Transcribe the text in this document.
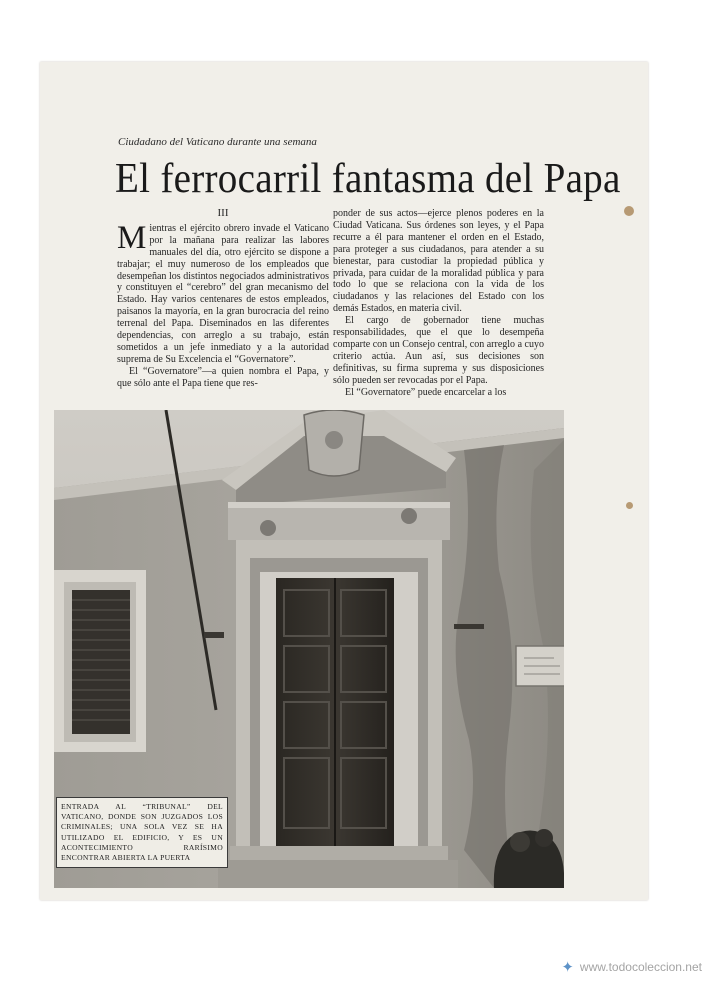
Ciudadano del Vaticano durante una semana
El ferrocarril fantasma del Papa

III

Mientras el ejército obrero invade el Vaticano por la mañana para realizar las labores manuales del día, otro ejército se dispone a trabajar; el muy numeroso de los empleados que desempeñan los distintos negociados administrativos y constituyen el “cerebro” del gran mecanismo del Estado. Hay varios centenares de estos empleados, paisanos la mayoría, en la gran burocracia del reino terrenal del Papa. Diseminados en las diferentes dependencias, con arreglo a su trabajo, están sometidos a un jefe inmediato y a la autoridad suprema de Su Excelencia el “Governatore”.

El “Governatore”—a quien nombra el Papa, y que sólo ante el Papa tiene que res-

ponder de sus actos—ejerce plenos poderes en la Ciudad Vaticana. Sus órdenes son leyes, y el Papa recurre a él para mantener el orden en el Estado, para proteger a sus ciudadanos, para atender a su bienestar, para custodiar la propiedad pública y privada, para cuidar de la moralidad pública y para todo lo que se relaciona con la vida de los ciudadanos y las relaciones del Estado con los demás Estados, en materia civil.

El cargo de gobernador tiene muchas responsabilidades, que el que lo desempeña comparte con un Consejo central, con arreglo a cuyo criterio actúa. Aun así, sus decisiones son definitivas, su firma suprema y sus disposiciones sólo pueden ser revocadas por el Papa.

El “Governatore” puede encarcelar a los

ENTRADA AL “TRIBUNAL” DEL VATICANO, DONDE SON JUZGADOS LOS CRIMINALES; UNA SOLA VEZ SE HA UTILIZADO EL EDIFICIO, Y ES UN ACONTECIMIENTO RARÍSIMO ENCONTRAR ABIERTA LA PUERTA
✦ www.todocoleccion.net
